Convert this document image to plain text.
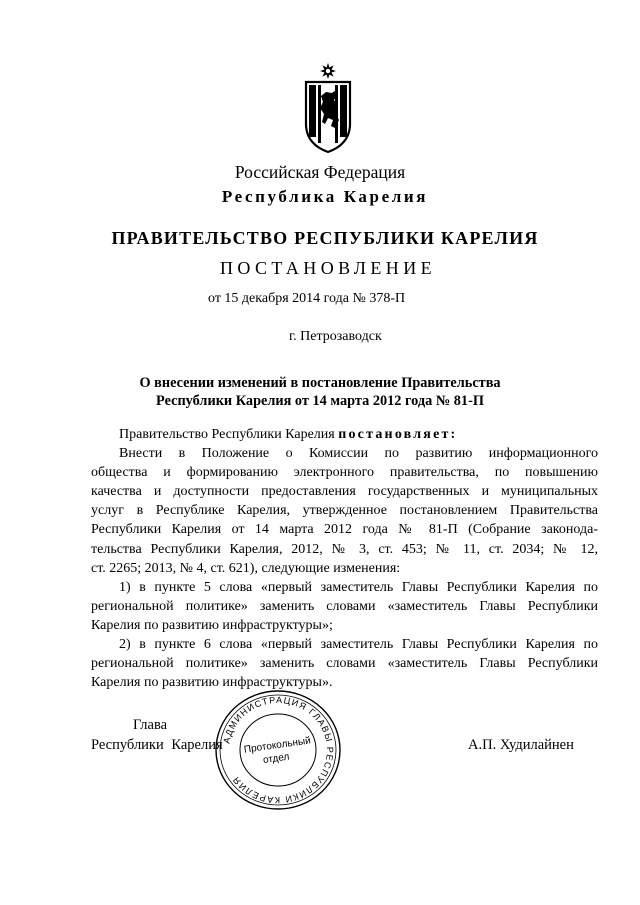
Российская Федерация
Республика Карелия
ПРАВИТЕЛЬСТВО РЕСПУБЛИКИ КАРЕЛИЯ
ПОСТАНОВЛЕНИЕ
от 15 декабря 2014 года № 378-П
г. Петрозаводск
О внесении изменений в постановление Правительства
Республики Карелия от 14 марта 2012 года № 81-П
Правительство Республики Карелия постановляет:
Внести в Положение о Комиссии по развитию информационного
общества и формированию электронного правительства, по повышению
качества и доступности предоставления государственных и муниципальных
услуг в Республике Карелия, утвержденное постановлением Правительства
Республики Карелия от 14 марта 2012 года № 81-П (Собрание законода-
тельства Республики Карелия, 2012, № 3, ст. 453; № 11, ст. 2034; № 12,
ст. 2265; 2013, № 4, ст. 621), следующие изменения:
1) в пункте 5 слова «первый заместитель Главы Республики Карелия по
региональной политике» заменить словами «заместитель Главы Республики
Карелия по развитию инфраструктуры»;
2) в пункте 6 слова «первый заместитель Главы Республики Карелия по
региональной политике» заменить словами «заместитель Главы Республики
Карелия по развитию инфраструктуры».
Глава
Республики Карелия	А.П. Худилайнен
АДМИНИСТРАЦИЯ ГЛАВЫ РЕСПУБЛИКИ КАРЕЛИЯ
Протокольный
отдел
